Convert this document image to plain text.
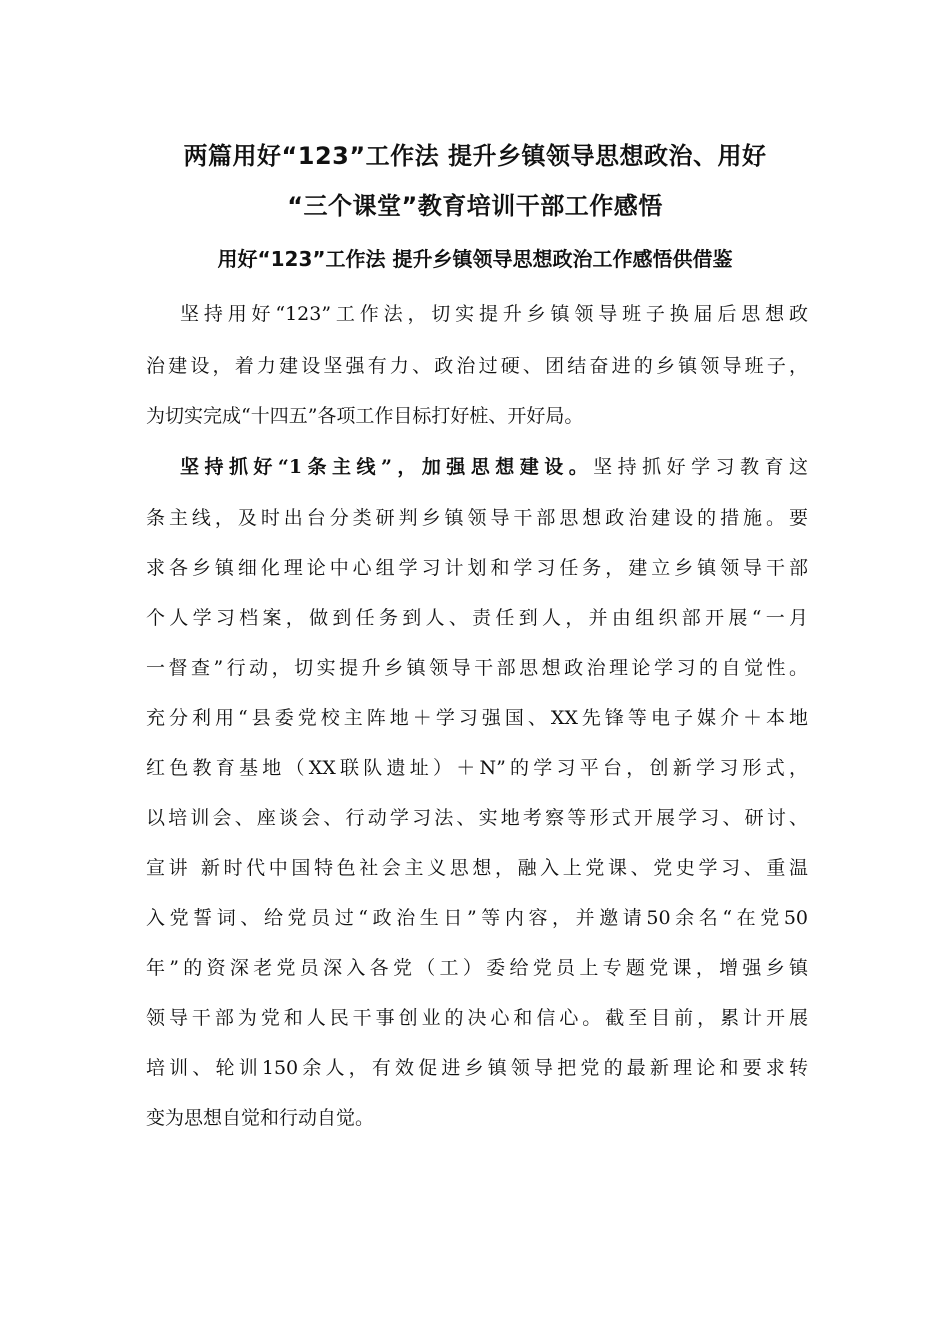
两篇用好“123”工作法 提升乡镇领导思想政治、用好
“三个课堂”教育培训干部工作感悟
用好“123”工作法 提升乡镇领导思想政治工作感悟供借鉴
坚持用好“123”工作法，切实提升乡镇领导班子换届后思想政
治建设，着力建设坚强有力、政治过硬、团结奋进的乡镇领导班子，
为切实完成“十四五”各项工作目标打好桩、开好局。
坚持抓好“1条主线”，加强思想建设。坚持抓好学习教育这
条主线，及时出台分类研判乡镇领导干部思想政治建设的措施。要
求各乡镇细化理论中心组学习计划和学习任务，建立乡镇领导干部
个人学习档案，做到任务到人、责任到人，并由组织部开展“一月
一督查”行动，切实提升乡镇领导干部思想政治理论学习的自觉性。
充分利用“县委党校主阵地＋学习强国、XX先锋等电子媒介＋本地
红色教育基地（XX联队遗址）＋N”的学习平台，创新学习形式，
以培训会、座谈会、行动学习法、实地考察等形式开展学习、研讨、
宣讲 新时代中国特色社会主义思想，融入上党课、党史学习、重温
入党誓词、给党员过“政治生日”等内容，并邀请50余名“在党50
年”的资深老党员深入各党（工）委给党员上专题党课，增强乡镇
领导干部为党和人民干事创业的决心和信心。截至目前，累计开展
培训、轮训150余人，有效促进乡镇领导把党的最新理论和要求转
变为思想自觉和行动自觉。
